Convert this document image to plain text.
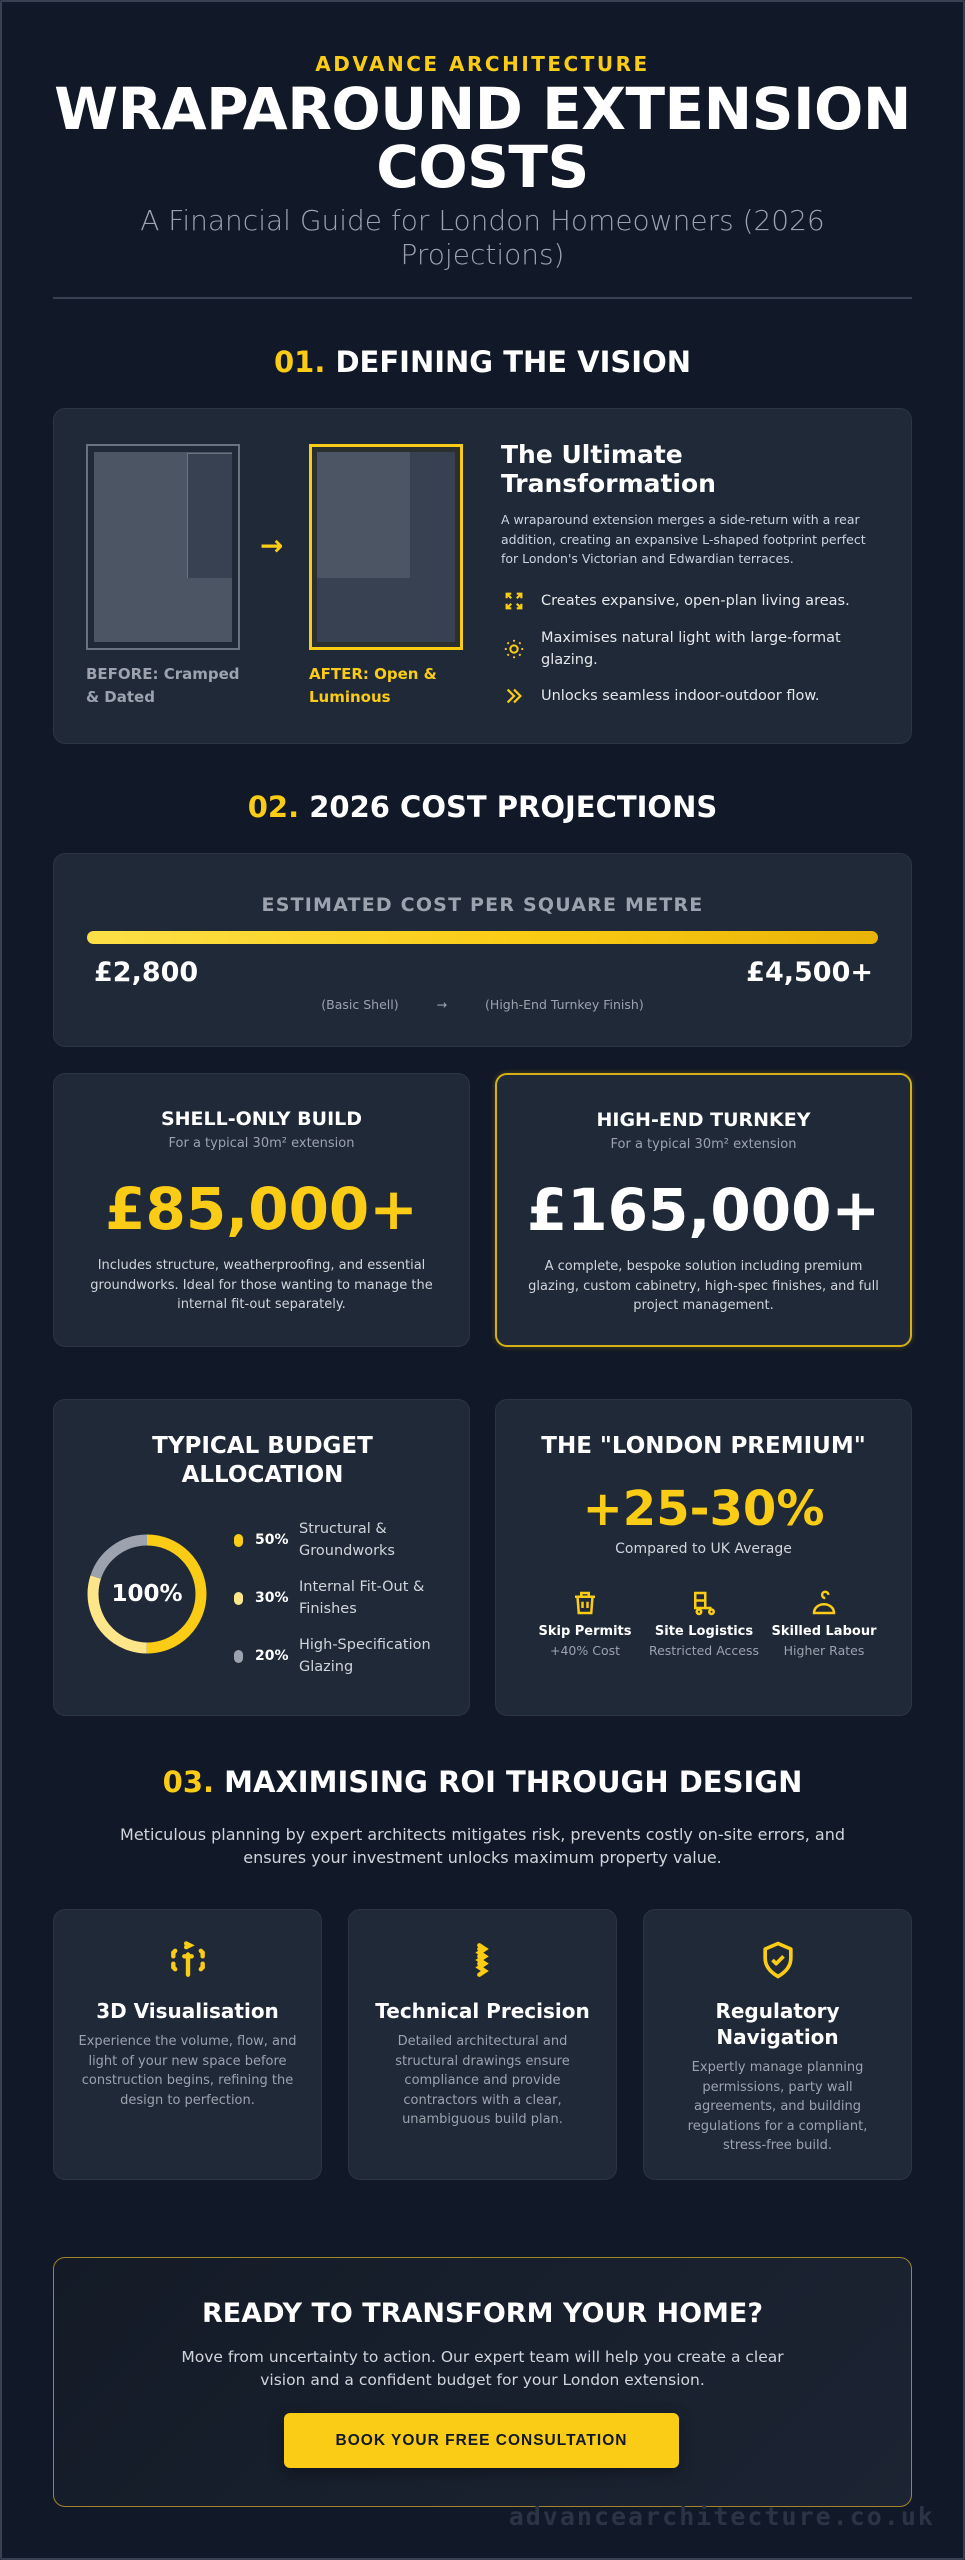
ADVANCE ARCHITECTURE
WRAPAROUND EXTENSION
COSTS
A Financial Guide for London Homeowners (2026 Projections)
01. DEFINING THE VISION
BEFORE: Cramped & Dated
→
AFTER: Open & Luminous
The Ultimate Transformation
A wraparound extension merges a side-return with a rear addition, creating an expansive L-shaped footprint perfect for London's Victorian and Edwardian terraces.
Creates expansive, open-plan living areas.
Maximises natural light with large-format glazing.
Unlocks seamless indoor-outdoor flow.
02. 2026 COST PROJECTIONS
ESTIMATED COST PER SQUARE METRE
£2,800	£4,500+
(Basic Shell)	→	(High-End Turnkey Finish)
SHELL-ONLY BUILD
For a typical 30m² extension
£85,000+
Includes structure, weatherproofing, and essential groundworks. Ideal for those wanting to manage the internal fit-out separately.
HIGH-END TURNKEY
For a typical 30m² extension
£165,000+
A complete, bespoke solution including premium glazing, custom cabinetry, high-spec finishes, and full project management.
TYPICAL BUDGET ALLOCATION
100%
50%
Structural & Groundworks
30%
Internal Fit-Out & Finishes
20%
High-Specification Glazing
THE "LONDON PREMIUM"
+25-30%
Compared to UK Average
Skip Permits
+40% Cost
Site Logistics
Restricted Access
Skilled Labour
Higher Rates
03. MAXIMISING ROI THROUGH DESIGN
Meticulous planning by expert architects mitigates risk, prevents costly on-site errors, and ensures your investment unlocks maximum property value.
3D Visualisation
Experience the volume, flow, and light of your new space before construction begins, refining the design to perfection.
Technical Precision
Detailed architectural and structural drawings ensure compliance and provide contractors with a clear, unambiguous build plan.
Regulatory Navigation
Expertly manage planning permissions, party wall agreements, and building regulations for a compliant, stress-free build.
READY TO TRANSFORM YOUR HOME?
Move from uncertainty to action. Our expert team will help you create a clear vision and a confident budget for your London extension.
BOOK YOUR FREE CONSULTATION
advancearchitecture.co.uk
